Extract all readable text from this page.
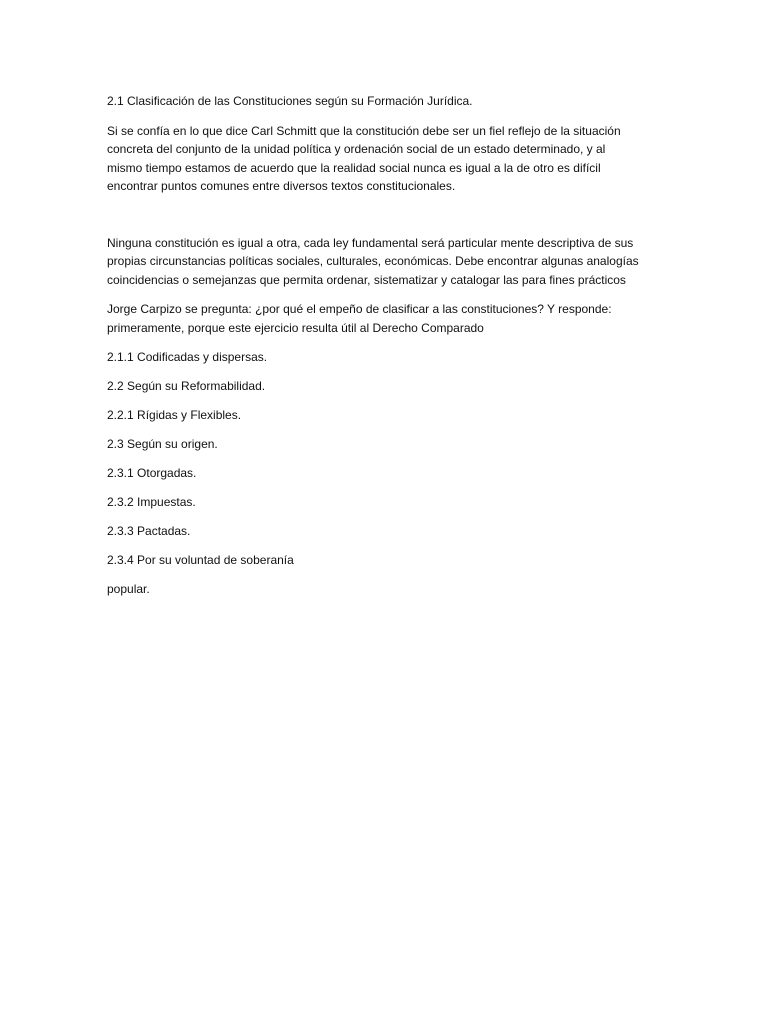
2.1 Clasificación de las Constituciones según su Formación Jurídica.

Si se confía en lo que dice Carl Schmitt que la constitución debe ser un fiel reflejo de la situación
concreta del conjunto de la unidad política y ordenación social de un estado determinado, y al
mismo tiempo estamos de acuerdo que la realidad social nunca es igual a la de otro es difícil
encontrar puntos comunes entre diversos textos constitucionales.

Ninguna constitución es igual a otra, cada ley fundamental será particular mente descriptiva de sus
propias circunstancias políticas sociales, culturales, económicas. Debe encontrar algunas analogías
coincidencias o semejanzas que permita ordenar, sistematizar y catalogar las para fines prácticos

Jorge Carpizo se pregunta: ¿por qué el empeño de clasificar a las constituciones? Y responde:
primeramente, porque este ejercicio resulta útil al Derecho Comparado

2.1.1 Codificadas y dispersas.

2.2 Según su Reformabilidad.

2.2.1 Rígidas y Flexibles.

2.3 Según su origen.

2.3.1 Otorgadas.

2.3.2 Impuestas.

2.3.3 Pactadas.

2.3.4 Por su voluntad de soberanía

popular.
